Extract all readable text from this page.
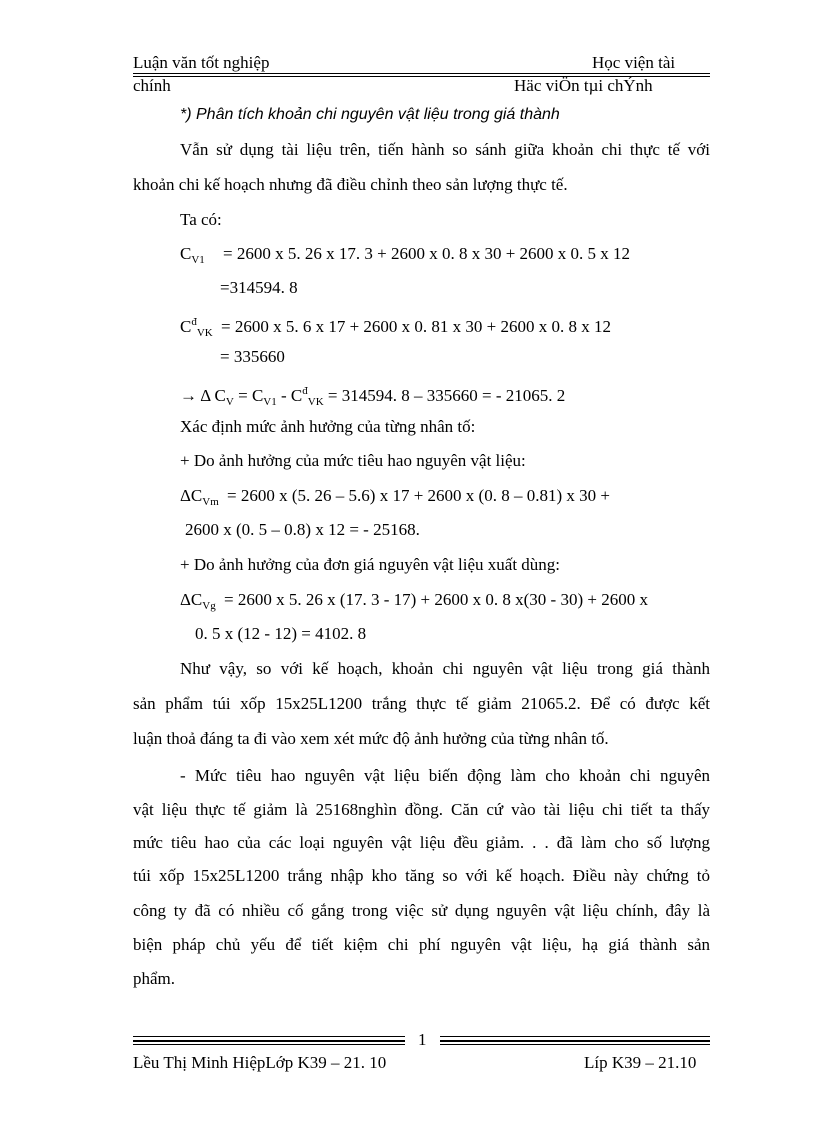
Luận văn tốt nghiệp	Học viện tài
chính	Häc viÖn tµi chÝnh
*) Phân tích khoản chi nguyên vật liệu trong giá thành
Vẫn sử dụng tài liệu trên, tiến hành so sánh giữa khoản chi thực tế với
khoản chi kế hoạch nhưng đã điều chỉnh theo sản lượng thực tế.
Ta có:
$C_{V1} = 2600$ x 5. 26 x 17. 3 + 2600 x 0. 8 x 30 + 2600 x 0. 5 x 12
=314594. 8
$C^đ_{VK} = 2600$ x 5. 6 x 17 + 2600 x 0. 81 x 30 + 2600 x 0. 8 x 12
= 335660
→ Δ $C_V = C_{V1} - C^đ_{VK} = 314594$. 8 – 335660 = - 21065. 2
Xác định mức ảnh hưởng của từng nhân tố:
+ Do ảnh hưởng của mức tiêu hao nguyên vật liệu:
$\Delta C_{Vm} = 2600$ x (5. 26 – 5.6) x 17 + 2600 x (0. 8 – 0.81) x 30 +
2600 x (0. 5 – 0.8) x 12 = - 25168.
+ Do ảnh hưởng của đơn giá nguyên vật liệu xuất dùng:
$\Delta C_{Vg} = 2600$ x 5. 26 x (17. 3 - 17) + 2600 x 0. 8 x(30 - 30) + 2600 x
0. 5 x (12 - 12) = 4102. 8
Như vậy, so với kế hoạch, khoản chi nguyên vật liệu trong giá thành
sản phẩm túi xốp 15x25L1200 trắng thực tế giảm 21065.2. Để có được kết
luận thoả đáng ta đi vào xem xét mức độ ảnh hưởng của từng nhân tố.
- Mức tiêu hao nguyên vật liệu biến động làm cho khoản chi nguyên
vật liệu thực tế giảm là 25168nghìn đồng. Căn cứ vào tài liệu chi tiết ta thấy
mức tiêu hao của các loại nguyên vật liệu đều giảm. . . đã làm cho số lượng
túi xốp 15x25L1200 trắng nhập kho tăng so với kế hoạch. Điều này chứng tỏ
công ty đã có nhiều cố gắng trong việc sử dụng nguyên vật liệu chính, đây là
biện pháp chủ yếu để tiết kiệm chi phí nguyên vật liệu, hạ giá thành sản
phẩm.
1
Lều Thị Minh HiệpLớp K39 – 21. 10	Líp K39 – 21.10
